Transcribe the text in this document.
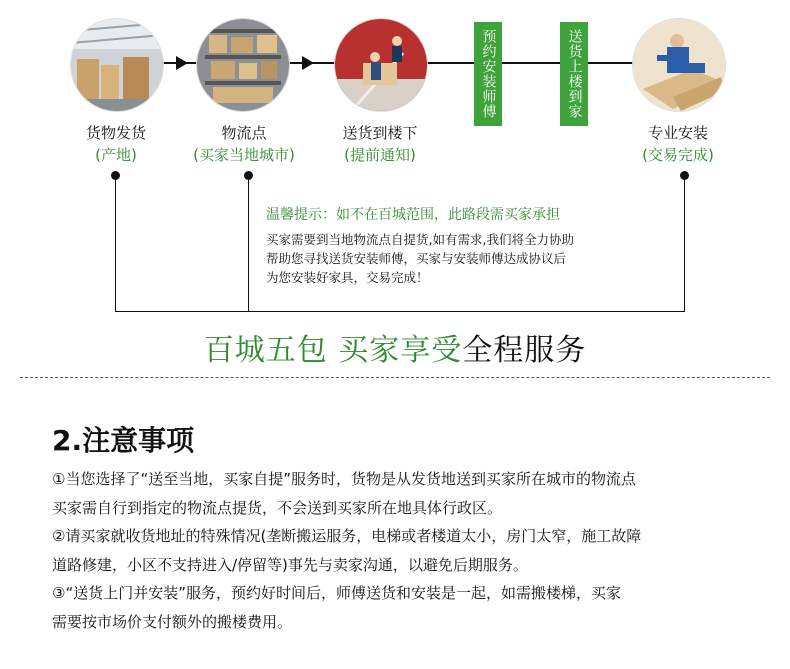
预约安装师傅	送货上楼到家
货物发货
(产地)
物流点
(买家当地城市)
送货到楼下
(提前通知)
专业安装
(交易完成)
温馨提示：如不在百城范围，此路段需买家承担
买家需要到当地物流点自提货,如有需求,我们将全力协助
帮助您寻找送货安装师傅，买家与安装师傅达成协议后
为您安装好家具，交易完成！
百城五包 买家享受全程服务
2.注意事项

①当您选择了“送至当地，买家自提”服务时，货物是从发货地送到买家所在城市的物流点

买家需自行到指定的物流点提货，不会送到买家所在地具体行政区。

②请买家就收货地址的特殊情况(垄断搬运服务，电梯或者楼道太小，房门太窄，施工故障

道路修建，小区不支持进入/停留等)事先与卖家沟通，以避免后期服务。

③“送货上门并安装”服务，预约好时间后，师傅送货和安装是一起，如需搬楼梯，买家

需要按市场价支付额外的搬楼费用。
